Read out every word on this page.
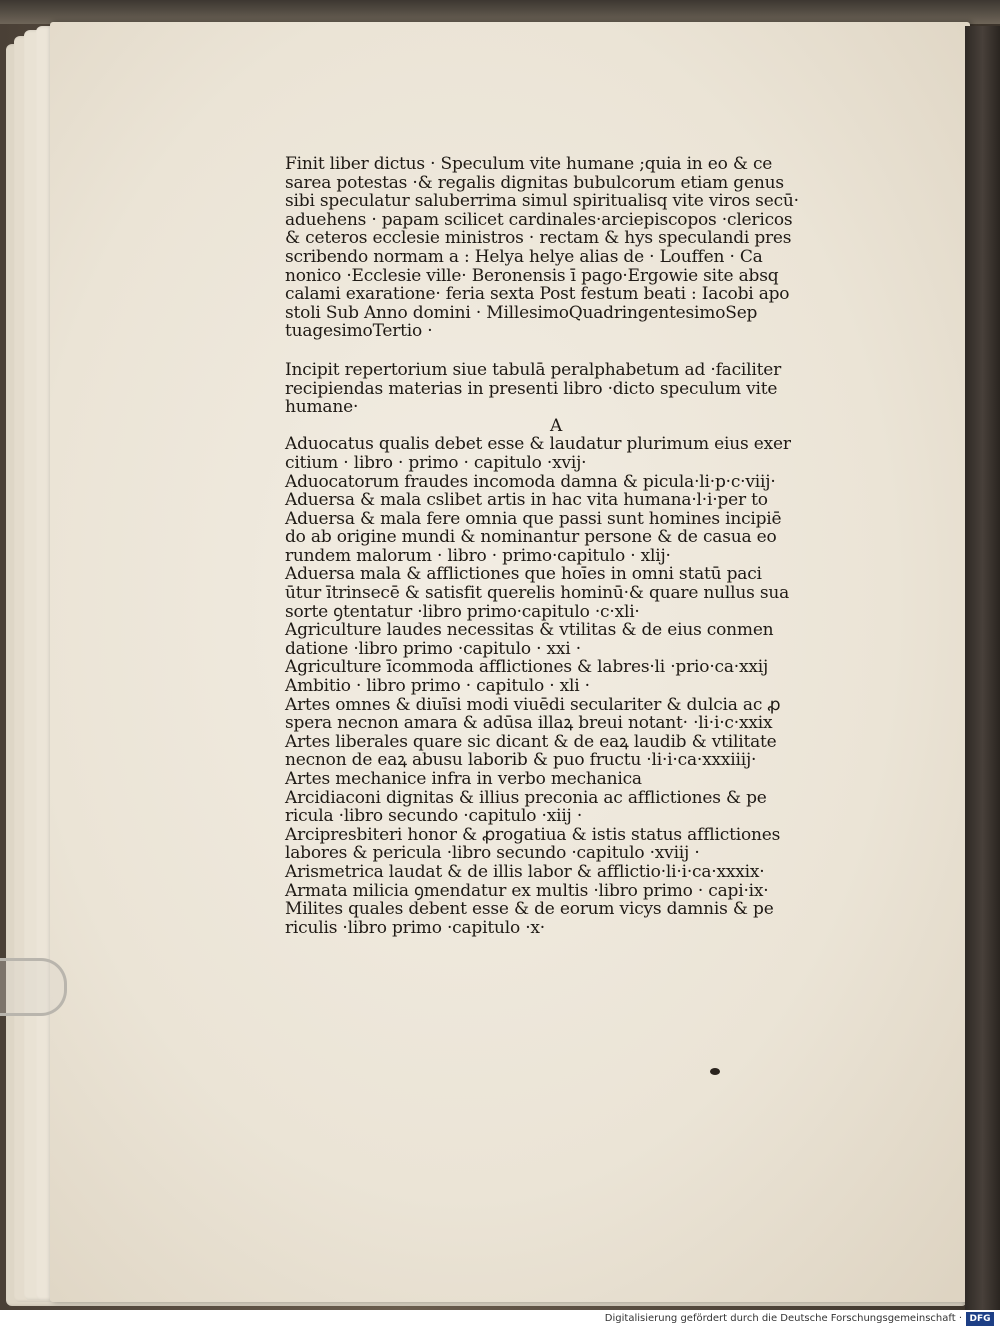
Finit liber dictus · Speculum vite humane ;quia in eo & ce
sarea potestas ·& regalis dignitas bubulcorum etiam genus
sibi speculatur saluberrima simul spiritualisq vite viros secū·
aduehens · papam scilicet cardinales·arciepiscopos ·clericos
& ceteros ecclesie ministros · rectam & hys speculandi pres
scribendo normam a : Helya helye alias de · Louffen · Ca
nonico ·Ecclesie ville· Beronensis ī pago·Ergowie site absq
calami exaratione· feria sexta Post festum beati : Iacobi apo
stoli Sub Anno domini · MillesimoQuadringentesimoSep
tuagesimoTertio ·
Incipit repertorium siue tabulā peralphabetum ad ·faciliter
recipiendas materias in presenti libro ·dicto speculum vite
humane·
A
Aduocatus qualis debet esse & laudatur plurimum eius exer
citium · libro · primo · capitulo ·xvij·
Aduocatorum fraudes incomoda damna & picula·li·p·c·viij·
Aduersa & mala cslibet artis in hac vita humana·l·i·per to
Aduersa & mala fere omnia que passi sunt homines incipiē
do ab origine mundi & nominantur persone & de casua eo
rundem malorum · libro · primo·capitulo · xlij·
Aduersa mala & afflictiones que hoīes in omni statū paci
ūtur ītrinsecē & satisfit querelis hominū·& quare nullus sua
sorte ꝯtentatur ·libro primo·capitulo ·c·xli·
Agriculture laudes necessitas & vtilitas & de eius conmen
datione ·libro primo ·capitulo · xxi ·
Agriculture īcommoda afflictiones & labres·li ·prio·ca·xxij
Ambitio · libro primo · capitulo · xli ·
Artes omnes & diuīsi modi viuēdi seculariter & dulcia ac ꝓ
spera necnon amara & adūsa illaꝝ breui notant· ·li·i·c·xxix
Artes liberales quare sic dicant & de eaꝝ laudib & vtilitate
necnon de eaꝝ abusu laborib & puo fructu ·li·i·ca·xxxiiij·
Artes mechanice infra in verbo mechanica
Arcidiaconi dignitas & illius preconia ac afflictiones & pe
ricula ·libro secundo ·capitulo ·xiij ·
Arcipresbiteri honor & ꝓrogatiua & istis status afflictiones
labores & pericula ·libro secundo ·capitulo ·xviij ·
Arismetrica laudat & de illis labor & afflictio·li·i·ca·xxxix·
Armata milicia ꝯmendatur ex multis ·libro primo · capi·ix·
Milites quales debent esse & de eorum vicys damnis & pe
riculis ·libro primo ·capitulo ·x·
Digitalisierung gefördert durch die Deutsche Forschungsgemeinschaft · DFG
